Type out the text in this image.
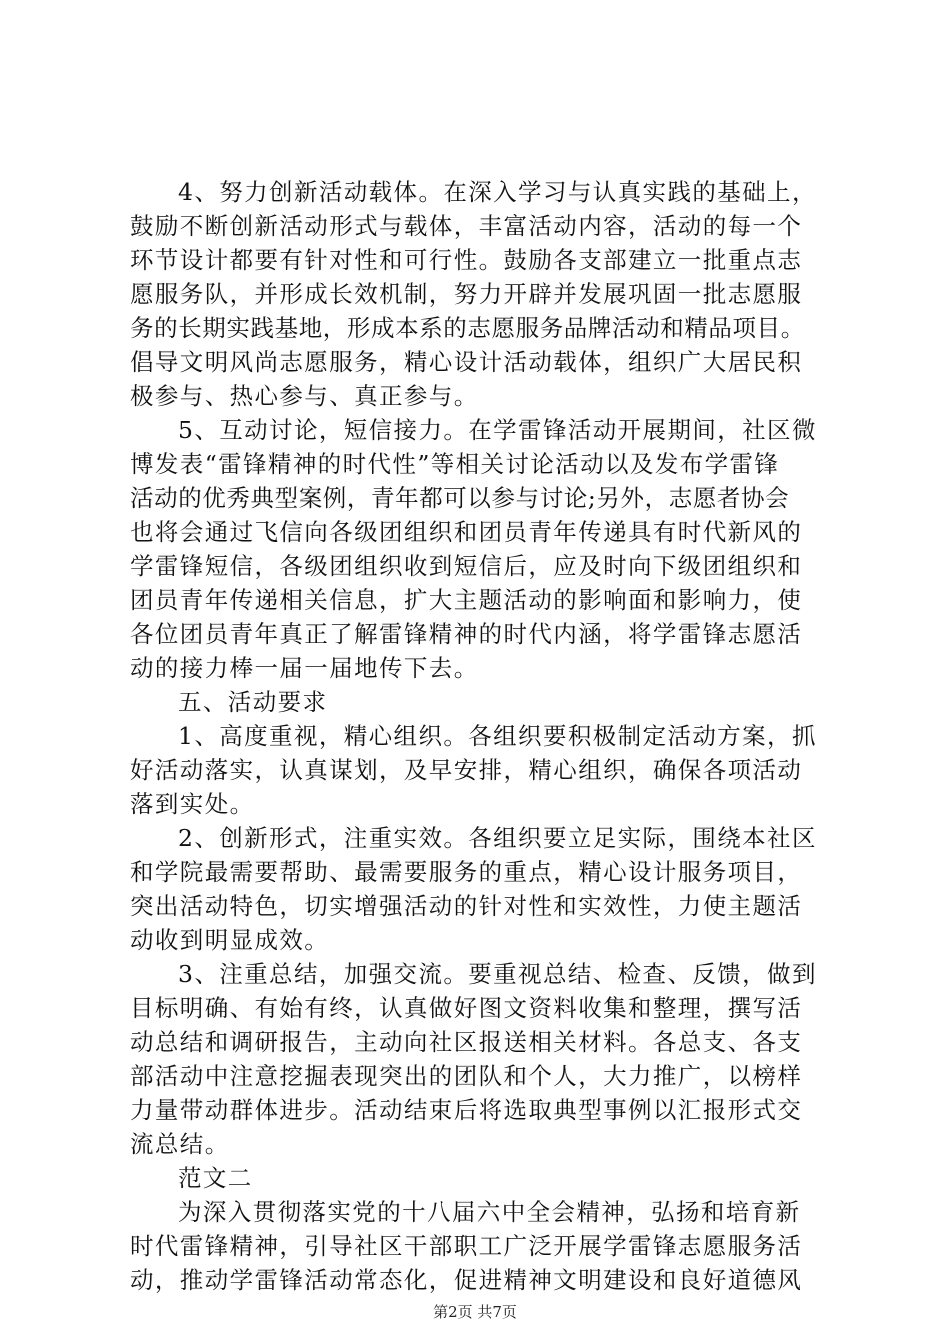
4、努力创新活动载体。在深入学习与认真实践的基础上，
鼓励不断创新活动形式与载体，丰富活动内容，活动的每一个
环节设计都要有针对性和可行性。鼓励各支部建立一批重点志
愿服务队，并形成长效机制，努力开辟并发展巩固一批志愿服
务的长期实践基地，形成本系的志愿服务品牌活动和精品项目。
倡导文明风尚志愿服务，精心设计活动载体，组织广大居民积
极参与、热心参与、真正参与。
5、互动讨论，短信接力。在学雷锋活动开展期间，社区微
博发表“雷锋精神的时代性”等相关讨论活动以及发布学雷锋
活动的优秀典型案例，青年都可以参与讨论;另外，志愿者协会
也将会通过飞信向各级团组织和团员青年传递具有时代新风的
学雷锋短信，各级团组织收到短信后，应及时向下级团组织和
团员青年传递相关信息，扩大主题活动的影响面和影响力，使
各位团员青年真正了解雷锋精神的时代内涵，将学雷锋志愿活
动的接力棒一届一届地传下去。
五、活动要求
1、高度重视，精心组织。各组织要积极制定活动方案，抓
好活动落实，认真谋划，及早安排，精心组织，确保各项活动
落到实处。
2、创新形式，注重实效。各组织要立足实际，围绕本社区
和学院最需要帮助、最需要服务的重点，精心设计服务项目，
突出活动特色，切实增强活动的针对性和实效性，力使主题活
动收到明显成效。
3、注重总结，加强交流。要重视总结、检查、反馈，做到
目标明确、有始有终，认真做好图文资料收集和整理，撰写活
动总结和调研报告，主动向社区报送相关材料。各总支、各支
部活动中注意挖掘表现突出的团队和个人，大力推广，以榜样
力量带动群体进步。活动结束后将选取典型事例以汇报形式交
流总结。
范文二
为深入贯彻落实党的十八届六中全会精神，弘扬和培育新
时代雷锋精神，引导社区干部职工广泛开展学雷锋志愿服务活
动，推动学雷锋活动常态化，促进精神文明建设和良好道德风
第2页 共7页
